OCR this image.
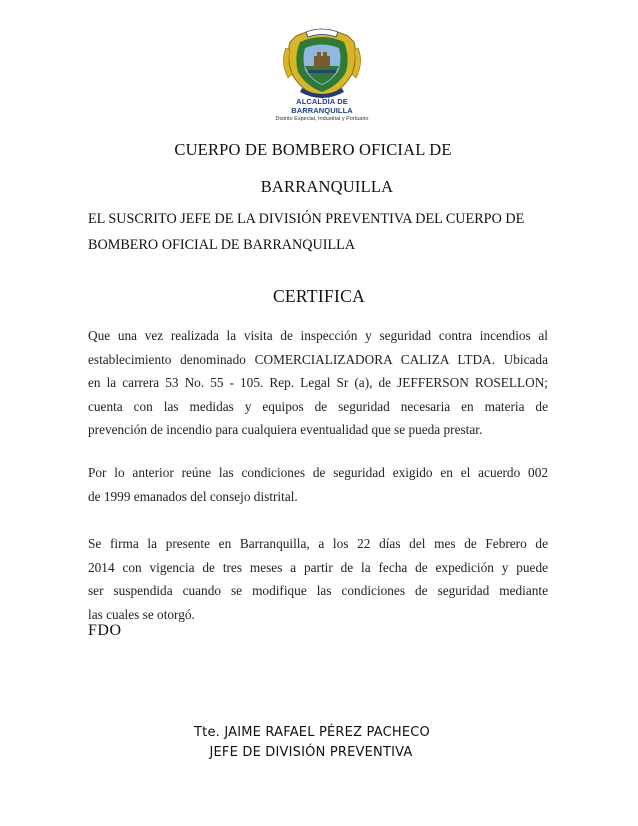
ALCALDÍA DE BARRANQUILLA
Distrito Especial, Industrial y Portuario
CUERPO DE BOMBERO OFICIAL DE
BARRANQUILLA
EL SUSCRITO JEFE DE LA DIVISIÓN PREVENTIVA DEL CUERPO DE
BOMBERO OFICIAL DE BARRANQUILLA
CERTIFICA
Que una vez realizada la visita de inspección y seguridad contra incendios al
establecimiento denominado COMERCIALIZADORA CALIZA LTDA. Ubicada
en la carrera 53 No. 55 - 105. Rep. Legal Sr (a), de JEFFERSON ROSELLON;
cuenta con las medidas y equipos de seguridad necesaria en materia de
prevención de incendio para cualquiera eventualidad que se pueda prestar.
Por lo anterior reúne las condiciones de seguridad exigido en el acuerdo 002
de 1999 emanados del consejo distrital.
Se firma la presente en Barranquilla, a los 22 días del mes de Febrero de
2014 con vigencia de tres meses a partir de la fecha de expedición y puede
ser suspendida cuando se modifique las condiciones de seguridad mediante
las cuales se otorgó.
FDO
Tte. JAIME RAFAEL PÉREZ PACHECO
JEFE DE DIVISIÓN PREVENTIVA
